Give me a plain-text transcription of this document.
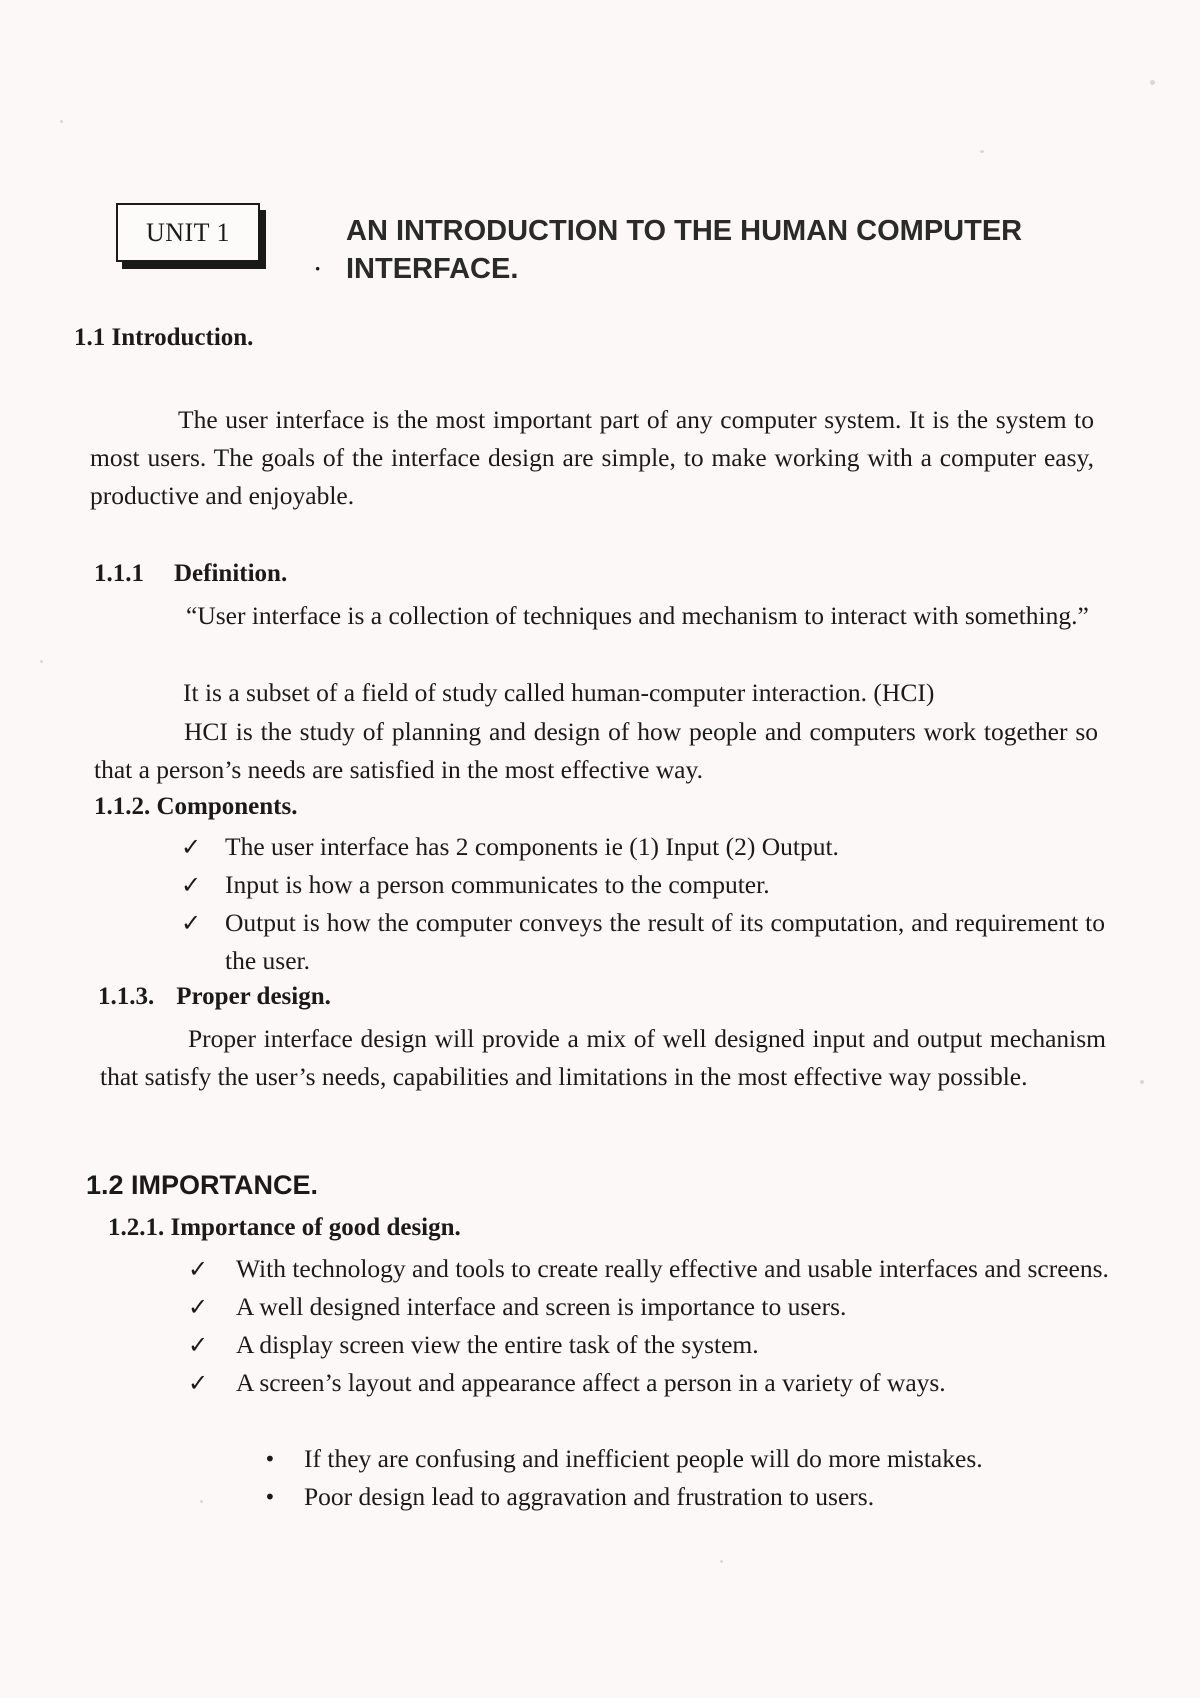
UNIT 1
·
AN INTRODUCTION TO THE HUMAN COMPUTER INTERFACE.
1.1 Introduction.

The user interface is the most important part of any computer system. It is the system to most users. The goals of the interface design are simple, to make working with a computer easy, productive and enjoyable.

1.1.1 Definition.

“User interface is a collection of techniques and mechanism to interact with something.”

It is a subset of a field of study called human-computer interaction. (HCI)

HCI is the study of planning and design of how people and computers work together so that a person’s needs are satisfied in the most effective way.

1.1.2. Components.
✓ The user interface has 2 components ie (1) Input (2) Output.
✓ Input is how a person communicates to the computer.
✓ Output is how the computer conveys the result of its computation, and requirement to the user.
1.1.3. Proper design.

Proper interface design will provide a mix of well designed input and output mechanism that satisfy the user’s needs, capabilities and limitations in the most effective way possible.

1.2 IMPORTANCE.
1.2.1. Importance of good design.
✓ With technology and tools to create really effective and usable interfaces and screens.
✓ A well designed interface and screen is importance to users.
✓ A display screen view the entire task of the system.
✓ A screen’s layout and appearance affect a person in a variety of ways.
• If they are confusing and inefficient people will do more mistakes.
• Poor design lead to aggravation and frustration to users.
